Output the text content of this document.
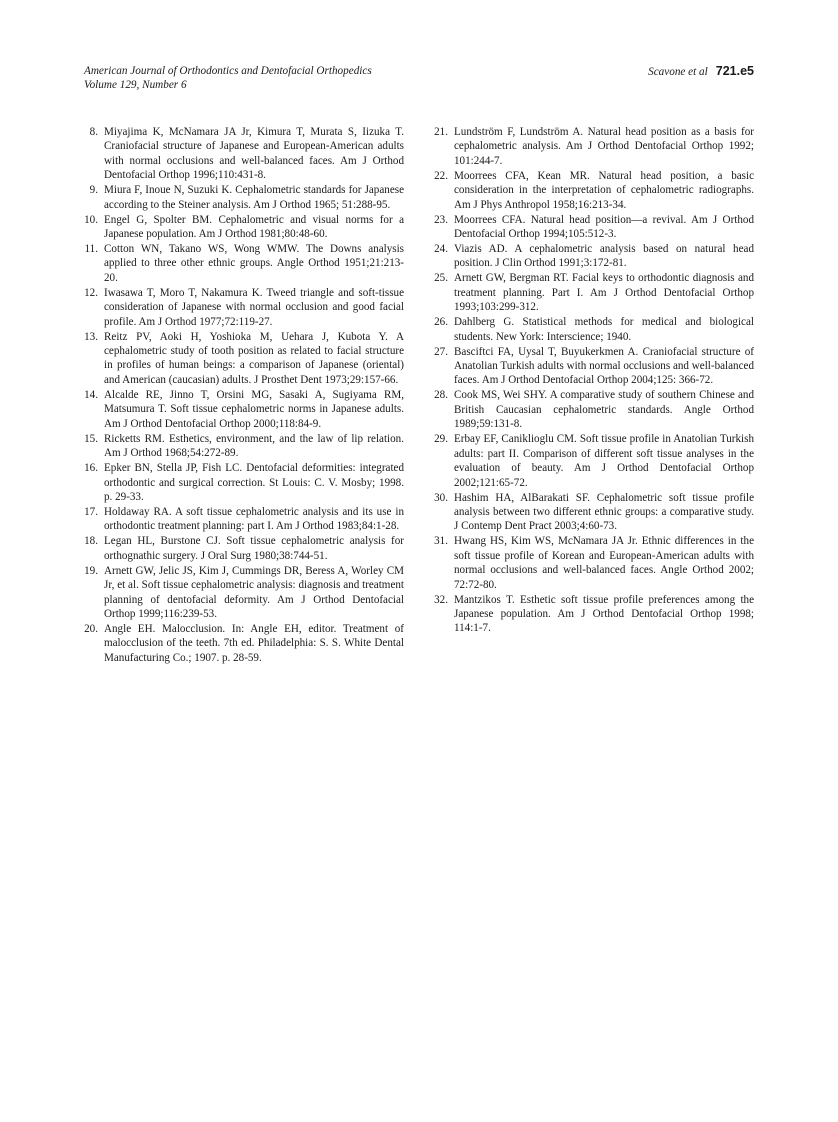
American Journal of Orthodontics and Dentofacial Orthopedics
Volume 129, Number 6
Scavone et al 721.e5
8. Miyajima K, McNamara JA Jr, Kimura T, Murata S, Iizuka T. Craniofacial structure of Japanese and European-American adults with normal occlusions and well-balanced faces. Am J Orthod Dentofacial Orthop 1996;110:431-8.
9. Miura F, Inoue N, Suzuki K. Cephalometric standards for Japanese according to the Steiner analysis. Am J Orthod 1965; 51:288-95.
10. Engel G, Spolter BM. Cephalometric and visual norms for a Japanese population. Am J Orthod 1981;80:48-60.
11. Cotton WN, Takano WS, Wong WMW. The Downs analysis applied to three other ethnic groups. Angle Orthod 1951;21:213-20.
12. Iwasawa T, Moro T, Nakamura K. Tweed triangle and soft-tissue consideration of Japanese with normal occlusion and good facial profile. Am J Orthod 1977;72:119-27.
13. Reitz PV, Aoki H, Yoshioka M, Uehara J, Kubota Y. A cephalometric study of tooth position as related to facial structure in profiles of human beings: a comparison of Japanese (oriental) and American (caucasian) adults. J Prosthet Dent 1973;29:157-66.
14. Alcalde RE, Jinno T, Orsini MG, Sasaki A, Sugiyama RM, Matsumura T. Soft tissue cephalometric norms in Japanese adults. Am J Orthod Dentofacial Orthop 2000;118:84-9.
15. Ricketts RM. Esthetics, environment, and the law of lip relation. Am J Orthod 1968;54:272-89.
16. Epker BN, Stella JP, Fish LC. Dentofacial deformities: integrated orthodontic and surgical correction. St Louis: C. V. Mosby; 1998. p. 29-33.
17. Holdaway RA. A soft tissue cephalometric analysis and its use in orthodontic treatment planning: part I. Am J Orthod 1983;84:1-28.
18. Legan HL, Burstone CJ. Soft tissue cephalometric analysis for orthognathic surgery. J Oral Surg 1980;38:744-51.
19. Arnett GW, Jelic JS, Kim J, Cummings DR, Beress A, Worley CM Jr, et al. Soft tissue cephalometric analysis: diagnosis and treatment planning of dentofacial deformity. Am J Orthod Dentofacial Orthop 1999;116:239-53.
20. Angle EH. Malocclusion. In: Angle EH, editor. Treatment of malocclusion of the teeth. 7th ed. Philadelphia: S. S. White Dental Manufacturing Co.; 1907. p. 28-59.
21. Lundström F, Lundström A. Natural head position as a basis for cephalometric analysis. Am J Orthod Dentofacial Orthop 1992; 101:244-7.
22. Moorrees CFA, Kean MR. Natural head position, a basic consideration in the interpretation of cephalometric radiographs. Am J Phys Anthropol 1958;16:213-34.
23. Moorrees CFA. Natural head position—a revival. Am J Orthod Dentofacial Orthop 1994;105:512-3.
24. Viazis AD. A cephalometric analysis based on natural head position. J Clin Orthod 1991;3:172-81.
25. Arnett GW, Bergman RT. Facial keys to orthodontic diagnosis and treatment planning. Part I. Am J Orthod Dentofacial Orthop 1993;103:299-312.
26. Dahlberg G. Statistical methods for medical and biological students. New York: Interscience; 1940.
27. Basciftci FA, Uysal T, Buyukerkmen A. Craniofacial structure of Anatolian Turkish adults with normal occlusions and well-balanced faces. Am J Orthod Dentofacial Orthop 2004;125: 366-72.
28. Cook MS, Wei SHY. A comparative study of southern Chinese and British Caucasian cephalometric standards. Angle Orthod 1989;59:131-8.
29. Erbay EF, Caniklioglu CM. Soft tissue profile in Anatolian Turkish adults: part II. Comparison of different soft tissue analyses in the evaluation of beauty. Am J Orthod Dentofacial Orthop 2002;121:65-72.
30. Hashim HA, AlBarakati SF. Cephalometric soft tissue profile analysis between two different ethnic groups: a comparative study. J Contemp Dent Pract 2003;4:60-73.
31. Hwang HS, Kim WS, McNamara JA Jr. Ethnic differences in the soft tissue profile of Korean and European-American adults with normal occlusions and well-balanced faces. Angle Orthod 2002; 72:72-80.
32. Mantzikos T. Esthetic soft tissue profile preferences among the Japanese population. Am J Orthod Dentofacial Orthop 1998; 114:1-7.
